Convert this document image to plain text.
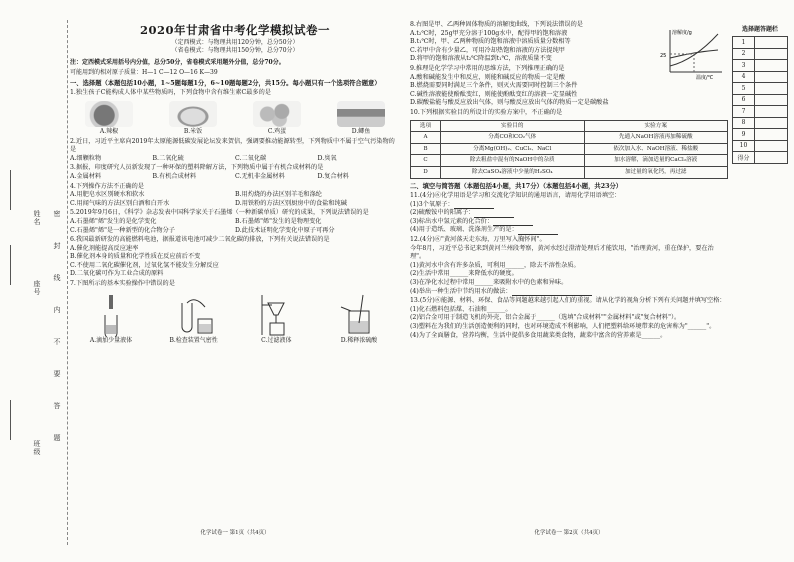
姓名
座号
班级
密
封
线
内
不
要
答
题
2020年甘肃省中考化学模拟试卷一
（定西模式：与物理共用120分钟，总分50分）
（省卷模式：与物理共用150分钟，总分70分）
注：定西模式采用括号内分值，总分50分，省卷模式采用题外分值，总分70分。
可能用到的相对原子质量：H—1 C—12 O—16 K—39
一、选择题（本题包括10小题，1~5题每题1分，6~10题每题2分，共15分。每小题只有一个选项符合题意）
1.独生孩子C能构成人体中某些物质吗，下列食物中含有维生素C最多的是
A.辣椒	B.米饭	C.鸡蛋	D.鲫鱼
2.近日，习近平主席向2019年太原能源低碳发展论坛发来贺信，强调要推动能源转型，下列物质中不属于空气污染物的是
A.细颗粒物	B.二氧化硫	C.二氧化碳	D.臭氧
3.据报，印度研究人员新发现了一种环保的塑料降解方法，下列物质中属于有机合成材料的是
A.金属材料	B.有机合成材料	C.无机非金属材料	D.复合材料
4.下列操作方法不正确的是
A.用肥皂水区别硬水和软水	B.用灼烧的办法区别羊毛和涤纶
C.用闻气味的方法区别白酒和白开水	D.用铁粉的方法区别厨房中的食盐和纯碱
5.2019年9月6日，《科学》杂志发表中国科学家关于石墨烯（一种新碳单质）研究的成果，下列说法错误的是
A.石墨烯"烯"发生的是化学变化	B.石墨烯"烯"发生的是物理变化
C.石墨烯"烯"是一种新型的化合物分子	D.此技术证明化学变化中原子可再分
6.我国最新研发的高能燃料电池，据报道该电池可减少二氧化碳的排放，下列有关说法错误的是
A.催化剂能提高反应速率
B.催化剂本身的质量和化学性质在反应前后不变
C.不使用二氧化碳催化剂，过氧化氢不能发生分解反应
D.二氧化碳可作为工业合成的原料
7.下图所示的基本实验操作中错误的是
A.滴加少量液体	B.检查装置气密性	C.过滤液体	D.稀释浓硫酸
化学试卷一 第1页（共4页）
8.右图是甲、乙两种固体物质的溶解度曲线，下列说法错误的是
A.t₂℃时，25g甲充分溶于100g水中，配得甲的饱和溶液
B.t₁℃时，甲、乙两种物质的饱和溶液中溶质质量分数相等
C.若甲中含有少量乙，可用冷却热饱和溶液的方法提纯甲
D.将甲的饱和溶液从t₂℃降温到t₁℃，溶液质量不变	25
溶解度/g
温度/℃
9.推理是化学学习中常用的思维方法，下列推理正确的是
A.酸和碱能发生中和反应，则能和碱反应的物质一定是酸
B.燃烧需要同时满足三个条件，则灭火需要同时控制三个条件
C.碱性溶液能使酚酞变红，则能使酚酞变红的溶液一定显碱性
D.碳酸盐能与酸反应放出气体，则与酸反应放出气体的物质一定是碳酸盐
10.下列根据实验目的所设计的实验方案中，不正确的是
选项	实验目的	实验方案
A	分离CO和CO₂气体	先通入NaOH溶液再加稀硫酸
B	分离Mg(OH)₂、CuCl₂、NaCl	依次加入水、NaOH溶液、稀盐酸
C	除去粗盐中混有的NaOH中的杂质	加水溶解，滴加适量的CaCl₂溶液
D	除去CaSO₄溶液中少量的H₂SO₄	加过量的氧化钙，再过滤
二、填空与简答题（本题包括4小题，共17分）（本题包括4小题，共23分）
11.(4分)⑥化学用语是学习和交流化学知识的通用语言，请用化学用语填空：
(1)3个氧原子：
(2)硫酸铵中的阳离子：
(3)标出水中氢元素的化合价：
(4)用于造纸、玻璃、洗涤剂生产的是：
12.(4分)⑥"黄河落天走东海，万里写入胸怀间"。
今年8月，习近平总书记来到黄河兰州段考察，黄河水经过澄清处理后才能饮用，"治理黄河，重在保护，要在治理"。
(1)黄河水中含有许多杂质，可利用______，除去不溶性杂质。
(2)生活中常用______来降低水的硬度。
(3)在净化水过程中常用______来吸附水中的色素和异味。
(4)举出一种生活中节约用水的做法：
13.(5分)⑥能源、材料、环保、食品等问题越来越引起人们的重视。请从化学的视角分析下列有关问题并填写空格：
(1)化石燃料包括煤、石油和______。
(2)铝合金可用于制造飞机的外壳，铝合金属于______（选填"合成材料""金属材料"或"复合材料"）。
(3)塑料在为我们的生活创造便利的同时，也对环境造成不利影响，人们把塑料给环境带来的危害称为"______"。
(4)为了全面膳食，营养均衡，生活中提倡多食用蔬菜类食物，蔬菜中富含的营养素是______。
化学试卷一 第2页（共4页）
选择题答题栏
1	
2	
3	
4	
5	
6	
7	
8	
9	
10	
得分	
